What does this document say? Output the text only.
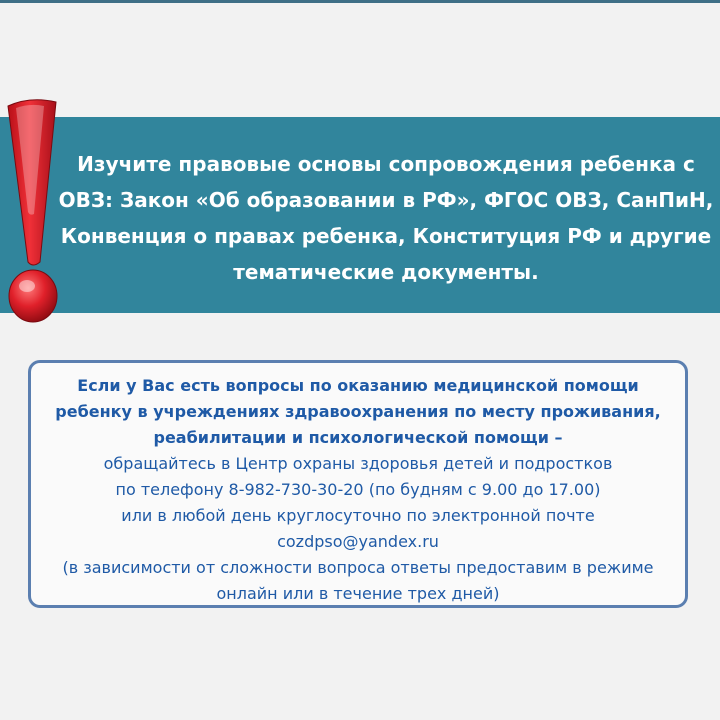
Изучите правовые основы сопровождения ребенка с
ОВЗ: Закон «Об образовании в РФ», ФГОС ОВЗ, СанПиН,
Конвенция о правах ребенка, Конституция РФ и другие
тематические документы.
Если у Вас есть вопросы по оказанию медицинской помощи
ребенку в учреждениях здравоохранения по месту проживания,
реабилитации и психологической помощи –
обращайтесь в Центр охраны здоровья детей и подростков
по телефону 8-982-730-30-20 (по будням с 9.00 до 17.00)
или в любой день круглосуточно по электронной почте
cozdpso@yandex.ru
(в зависимости от сложности вопроса ответы предоставим в режиме
онлайн или в течение трех дней)
